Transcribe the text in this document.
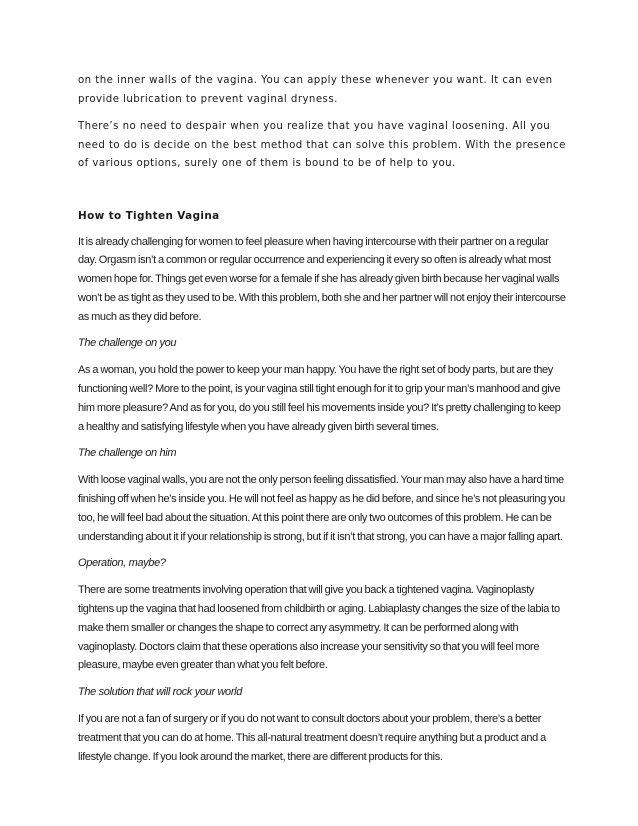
on the inner walls of the vagina. You can apply these whenever you want. It can even provide lubrication to prevent vaginal dryness.

There’s no need to despair when you realize that you have vaginal loosening. All you need to do is decide on the best method that can solve this problem. With the presence of various options, surely one of them is bound to be of help to you.

How to Tighten Vagina

It is already challenging for women to feel pleasure when having intercourse with their partner on a regular day. Orgasm isn’t a common or regular occurrence and experiencing it every so often is already what most women hope for. Things get even worse for a female if she has already given birth because her vaginal walls won’t be as tight as they used to be. With this problem, both she and her partner will not enjoy their intercourse as much as they did before.

The challenge on you

As a woman, you hold the power to keep your man happy. You have the right set of body parts, but are they functioning well? More to the point, is your vagina still tight enough for it to grip your man’s manhood and give him more pleasure? And as for you, do you still feel his movements inside you? It’s pretty challenging to keep a healthy and satisfying lifestyle when you have already given birth several times.

The challenge on him

With loose vaginal walls, you are not the only person feeling dissatisfied. Your man may also have a hard time finishing off when he’s inside you. He will not feel as happy as he did before, and since he’s not pleasuring you too, he will feel bad about the situation. At this point there are only two outcomes of this problem. He can be understanding about it if your relationship is strong, but if it isn’t that strong, you can have a major falling apart.

Operation, maybe?

There are some treatments involving operation that will give you back a tightened vagina. Vaginoplasty tightens up the vagina that had loosened from childbirth or aging. Labiaplasty changes the size of the labia to make them smaller or changes the shape to correct any asymmetry. It can be performed along with vaginoplasty. Doctors claim that these operations also increase your sensitivity so that you will feel more pleasure, maybe even greater than what you felt before.

The solution that will rock your world

If you are not a fan of surgery or if you do not want to consult doctors about your problem, there’s a better treatment that you can do at home. This all-natural treatment doesn’t require anything but a product and a lifestyle change. If you look around the market, there are different products for this.
